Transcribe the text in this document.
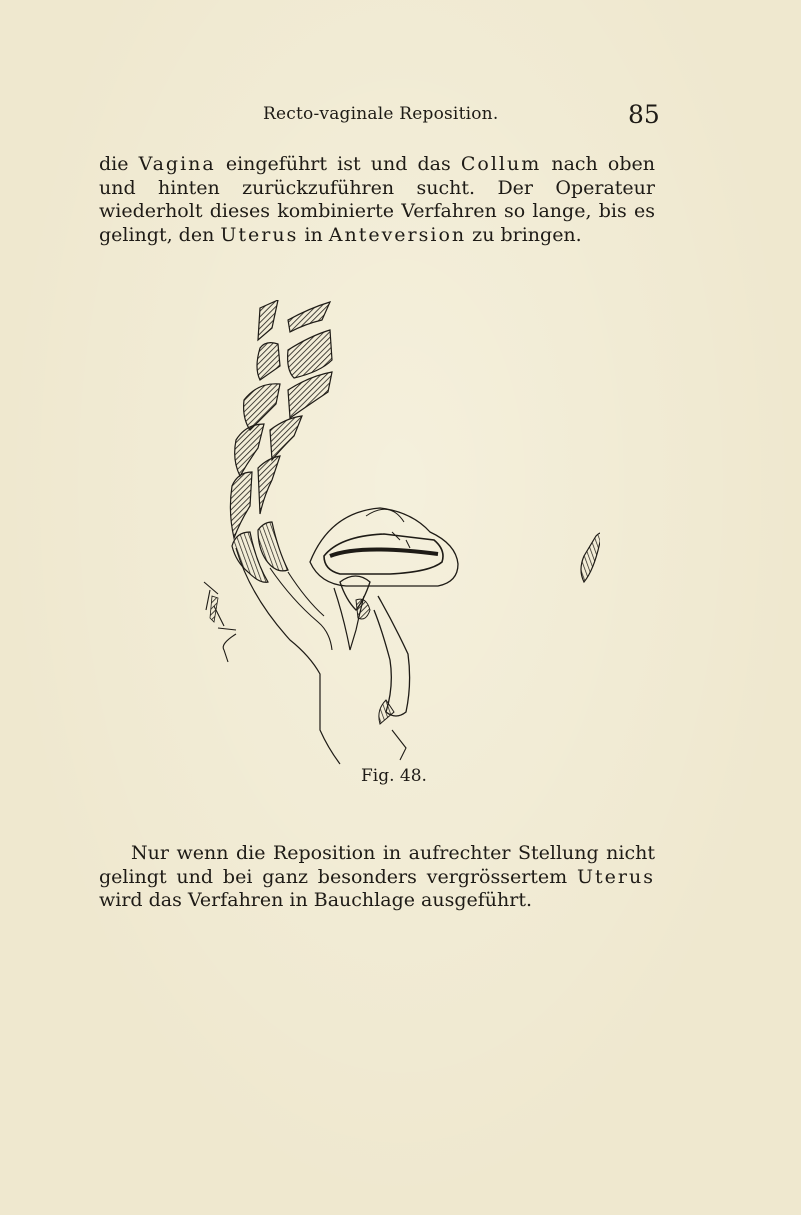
Recto-vaginale Reposition.	85

die Vagina eingeführt ist und das Collum nach oben und hinten zurückzuführen sucht. Der Operateur wiederholt dieses kombinierte Verfahren so lange, bis es gelingt, den Uterus in Anteversion zu bringen.

Fig. 48.

Nur wenn die Reposition in aufrechter Stellung nicht gelingt und bei ganz besonders vergrössertem Uterus wird das Verfahren in Bauchlage ausgeführt.
